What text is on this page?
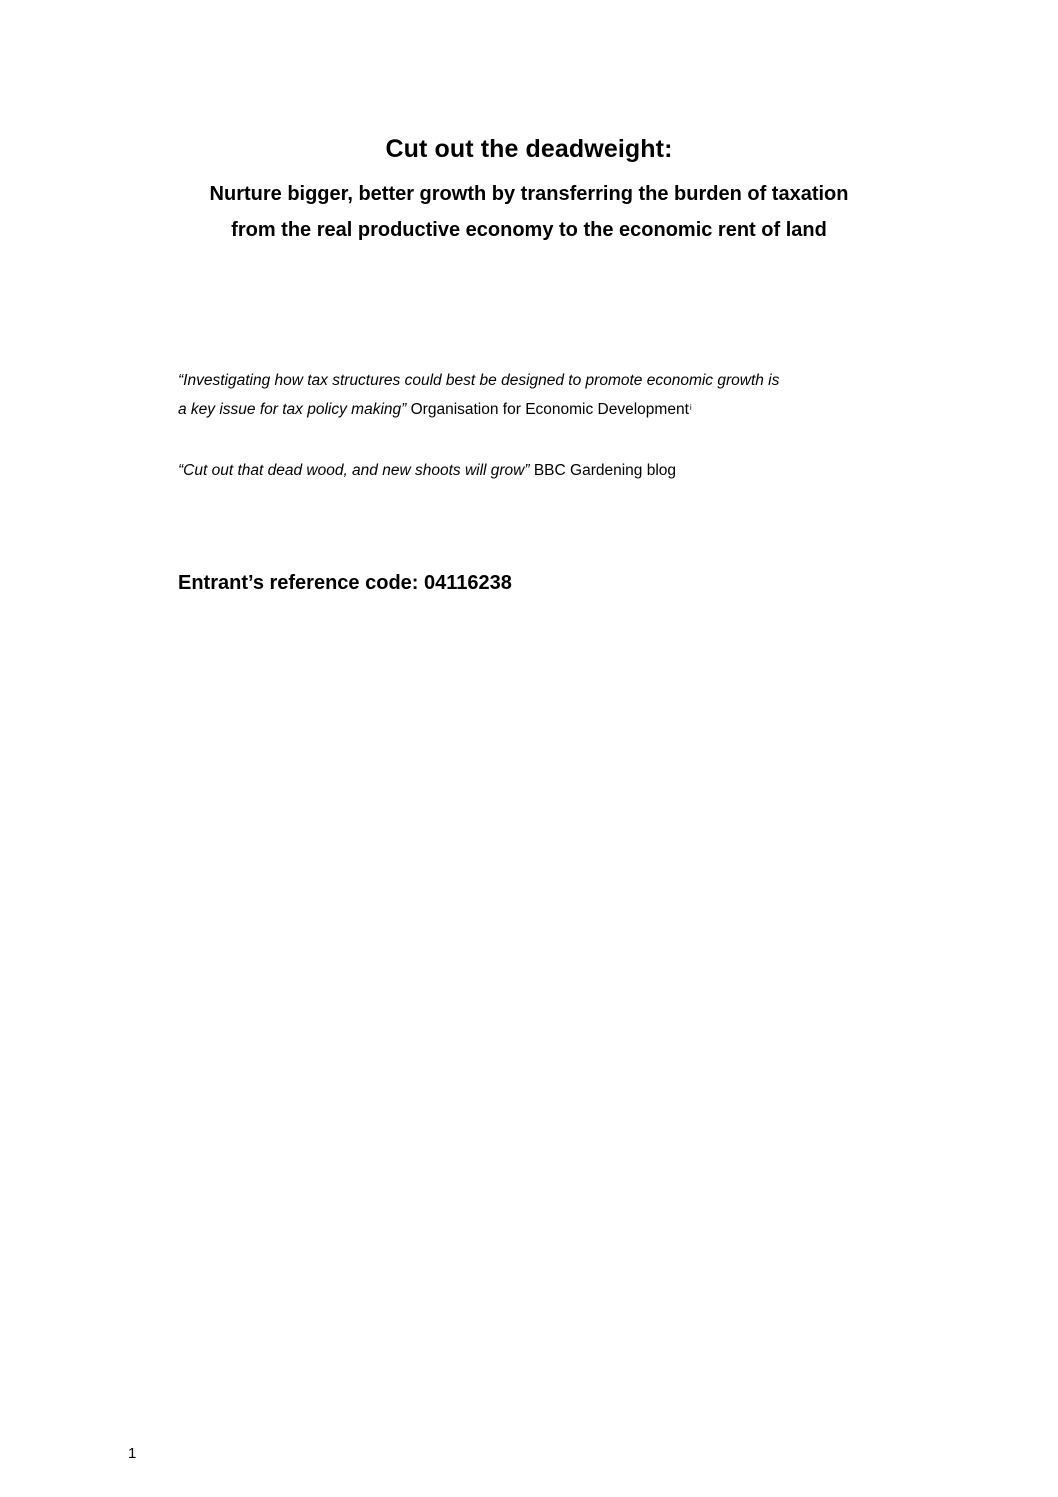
Cut out the deadweight:
Nurture bigger, better growth by transferring the burden of taxation
from the real productive economy to the economic rent of land
“Investigating how tax structures could best be designed to promote economic growth is
a key issue for tax policy making” Organisation for Economic Development$^i$
“Cut out that dead wood, and new shoots will grow” BBC Gardening blog
Entrant’s reference code: 04116238
1
